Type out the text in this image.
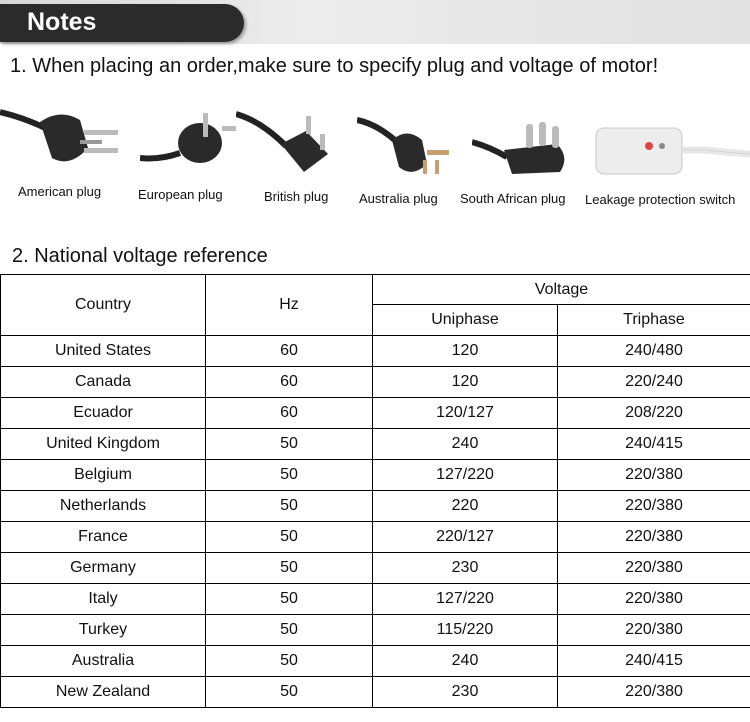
Notes
1. When placing an order,make sure to specify plug and voltage of motor!
American plug	European plug	British plug Australia plug South African plug Leakage protection switch
2. National voltage reference
Country	Hz	Voltage	
		Uniphase	Triphase
United States	60	120	240/480
Canada	60	120	220/240
Ecuador	60	120/127	208/220
United Kingdom	50	240	240/415
Belgium	50	127/220	220/380
Netherlands	50	220	220/380
France	50	220/127	220/380
Germany	50	230	220/380
Italy	50	127/220	220/380
Turkey	50	115/220	220/380
Australia	50	240	240/415
New Zealand	50	230	220/380
